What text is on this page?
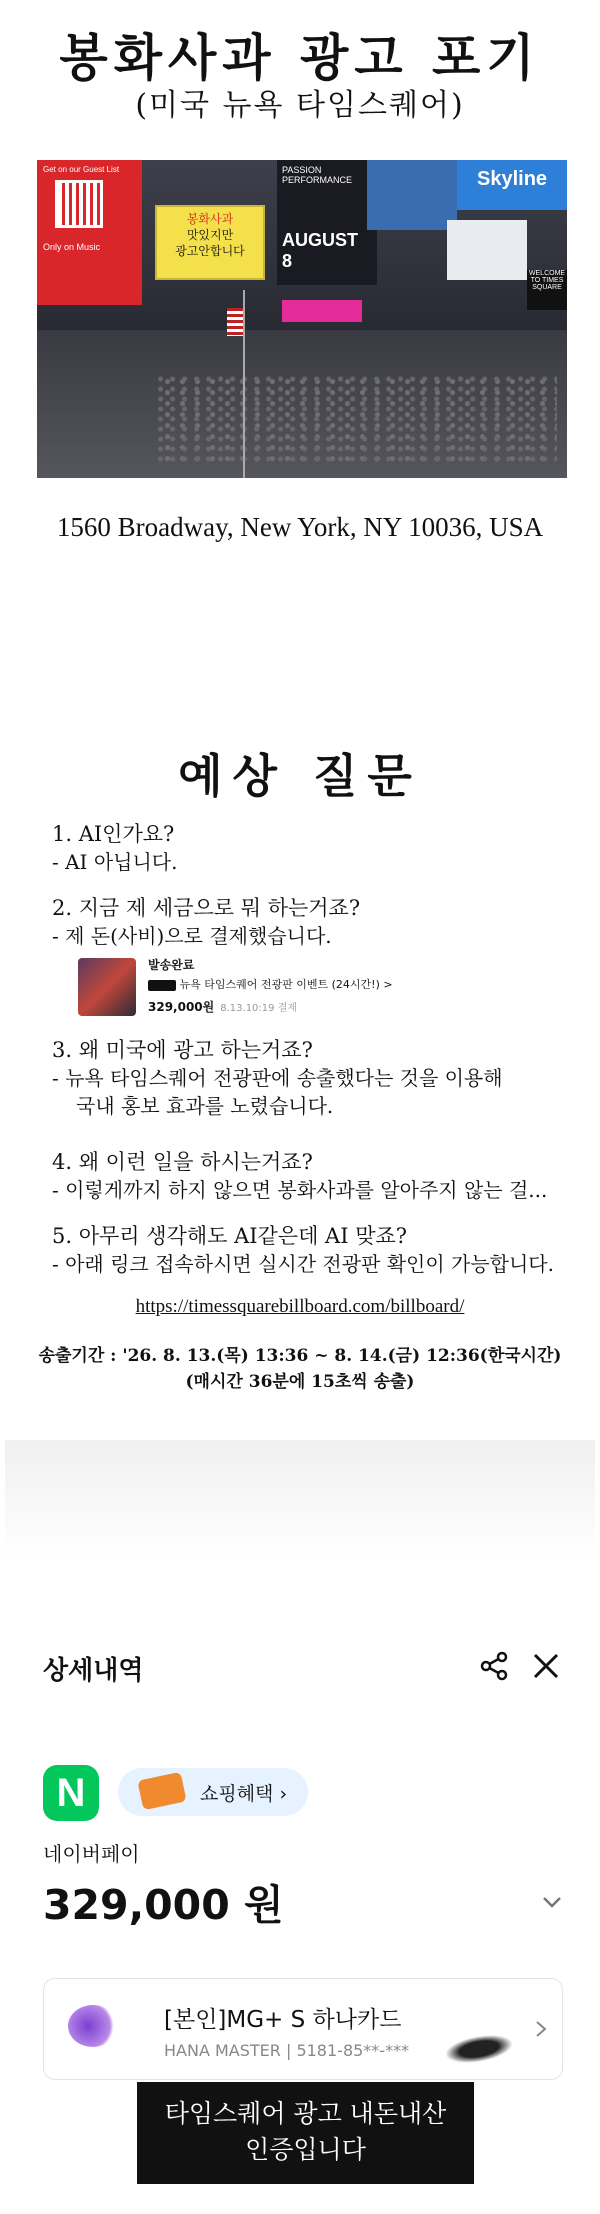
봉화사과 광고 포기
(미국 뉴욕 타임스퀘어)
Get on our Guest List
Only on Music
봉화사과
맛있지만
광고안합니다
PASSION PERFORMANCE
AUGUST 8
Skyline
WELCOME TO TIMES SQUARE
1560 Broadway, New York, NY 10036, USA
예상 질문
1. AI인가요?
- AI 아닙니다.
2. 지금 제 세금으로 뭐 하는거죠?
- 제 돈(사비)으로 결제했습니다.
발송완료
뉴욕 타임스퀘어 전광판 이벤트 (24시간!) >
329,000원 8.13.10:19 결제
3. 왜 미국에 광고 하는거죠?
- 뉴욕 타임스퀘어 전광판에 송출했다는 것을 이용해
국내 홍보 효과를 노렸습니다.
4. 왜 이런 일을 하시는거죠?
- 이렇게까지 하지 않으면 봉화사과를 알아주지 않는 걸...
5. 아무리 생각해도 AI같은데 AI 맞죠?
- 아래 링크 접속하시면 실시간 전광판 확인이 가능합니다.
https://timessquarebillboard.com/billboard/
송출기간 : '26. 8. 13.(목) 13:36 ~ 8. 14.(금) 12:36(한국시간)
(매시간 36분에 15초씩 송출)
상세내역
N	쇼핑혜택 ›
네이버페이
329,000 원
[본인]MG+ S 하나카드
HANA MASTER | 5181-85**-***
타임스퀘어 광고 내돈내산
인증입니다
